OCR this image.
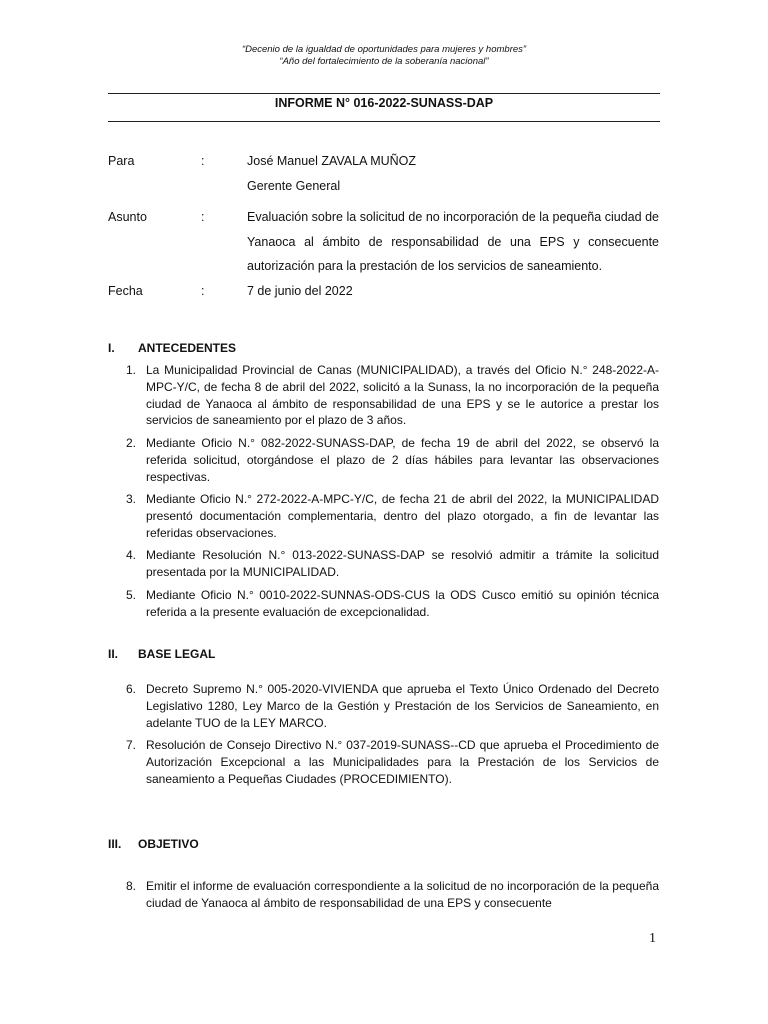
“Decenio de la igualdad de oportunidades para mujeres y hombres”
“Año del fortalecimiento de la soberanía nacional”
INFORME N° 016-2022-SUNASS-DAP
Para	:	José Manuel ZAVALA MUÑOZ
Gerente General
Asunto	:	Evaluación sobre la solicitud de no incorporación de la pequeña ciudad de Yanaoca al ámbito de responsabilidad de una EPS y consecuente autorización para la prestación de los servicios de saneamiento.
Fecha	:	7 de junio del 2022
I. ANTECEDENTES
1. La Municipalidad Provincial de Canas (MUNICIPALIDAD), a través del Oficio N.° 248-2022-A-MPC-Y/C, de fecha 8 de abril del 2022, solicitó a la Sunass, la no incorporación de la pequeña ciudad de Yanaoca al ámbito de responsabilidad de una EPS y se le autorice a prestar los servicios de saneamiento por el plazo de 3 años.
2. Mediante Oficio N.° 082-2022-SUNASS-DAP, de fecha 19 de abril del 2022, se observó la referida solicitud, otorgándose el plazo de 2 días hábiles para levantar las observaciones respectivas.
3. Mediante Oficio N.° 272-2022-A-MPC-Y/C, de fecha 21 de abril del 2022, la MUNICIPALIDAD presentó documentación complementaria, dentro del plazo otorgado, a fin de levantar las referidas observaciones.
4. Mediante Resolución N.° 013-2022-SUNASS-DAP se resolvió admitir a trámite la solicitud presentada por la MUNICIPALIDAD.
5. Mediante Oficio N.° 0010-2022-SUNNAS-ODS-CUS la ODS Cusco emitió su opinión técnica referida a la presente evaluación de excepcionalidad.
II. BASE LEGAL
6. Decreto Supremo N.° 005-2020-VIVIENDA que aprueba el Texto Único Ordenado del Decreto Legislativo 1280, Ley Marco de la Gestión y Prestación de los Servicios de Saneamiento, en adelante TUO de la LEY MARCO.
7. Resolución de Consejo Directivo N.° 037-2019-SUNASS--CD que aprueba el Procedimiento de Autorización Excepcional a las Municipalidades para la Prestación de los Servicios de saneamiento a Pequeñas Ciudades (PROCEDIMIENTO).
III. OBJETIVO
8. Emitir el informe de evaluación correspondiente a la solicitud de no incorporación de la pequeña ciudad de Yanaoca al ámbito de responsabilidad de una EPS y consecuente
1
